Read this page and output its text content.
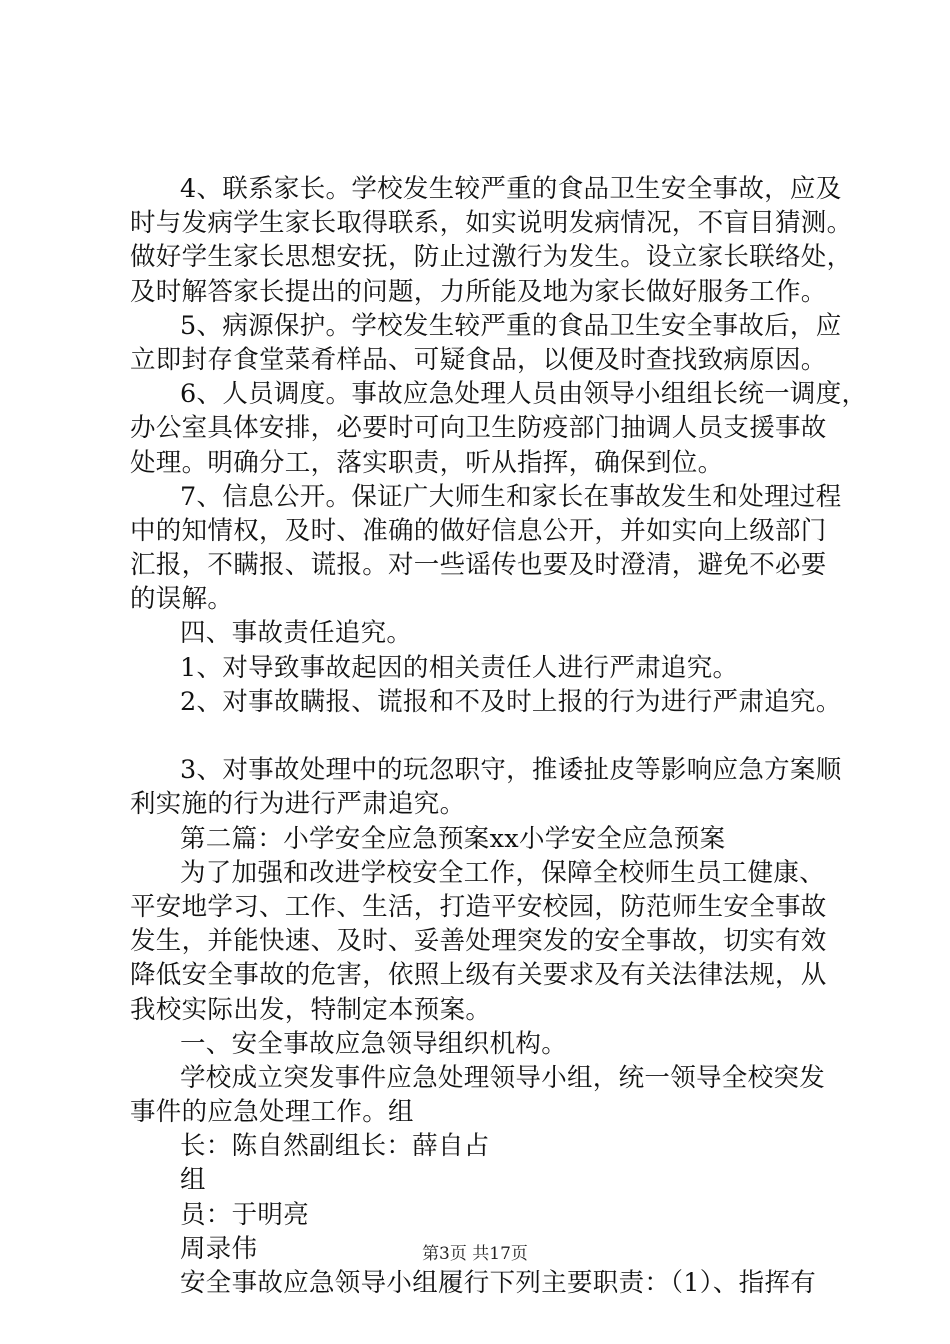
4、联系家长。学校发生较严重的食品卫生安全事故，应及
时与发病学生家长取得联系，如实说明发病情况，不盲目猜测。
做好学生家长思想安抚，防止过激行为发生。设立家长联络处，
及时解答家长提出的问题，力所能及地为家长做好服务工作。
5、病源保护。学校发生较严重的食品卫生安全事故后，应
立即封存食堂菜肴样品、可疑食品，以便及时查找致病原因。
6、人员调度。事故应急处理人员由领导小组组长统一调度，
办公室具体安排，必要时可向卫生防疫部门抽调人员支援事故
处理。明确分工，落实职责，听从指挥，确保到位。
7、信息公开。保证广大师生和家长在事故发生和处理过程
中的知情权，及时、准确的做好信息公开，并如实向上级部门
汇报，不瞒报、谎报。对一些谣传也要及时澄清，避免不必要
的误解。
四、事故责任追究。
1、对导致事故起因的相关责任人进行严肃追究。
2、对事故瞒报、谎报和不及时上报的行为进行严肃追究。
3、对事故处理中的玩忽职守，推诿扯皮等影响应急方案顺
利实施的行为进行严肃追究。
第二篇：小学安全应急预案xx小学安全应急预案
为了加强和改进学校安全工作，保障全校师生员工健康、
平安地学习、工作、生活，打造平安校园，防范师生安全事故
发生，并能快速、及时、妥善处理突发的安全事故，切实有效
降低安全事故的危害，依照上级有关要求及有关法律法规，从
我校实际出发，特制定本预案。
一、安全事故应急领导组织机构。
学校成立突发事件应急处理领导小组，统一领导全校突发
事件的应急处理工作。组
长：陈自然副组长：薛自占
组
员：于明亮
周录伟
安全事故应急领导小组履行下列主要职责：（1）、指挥有
第3页 共17页
